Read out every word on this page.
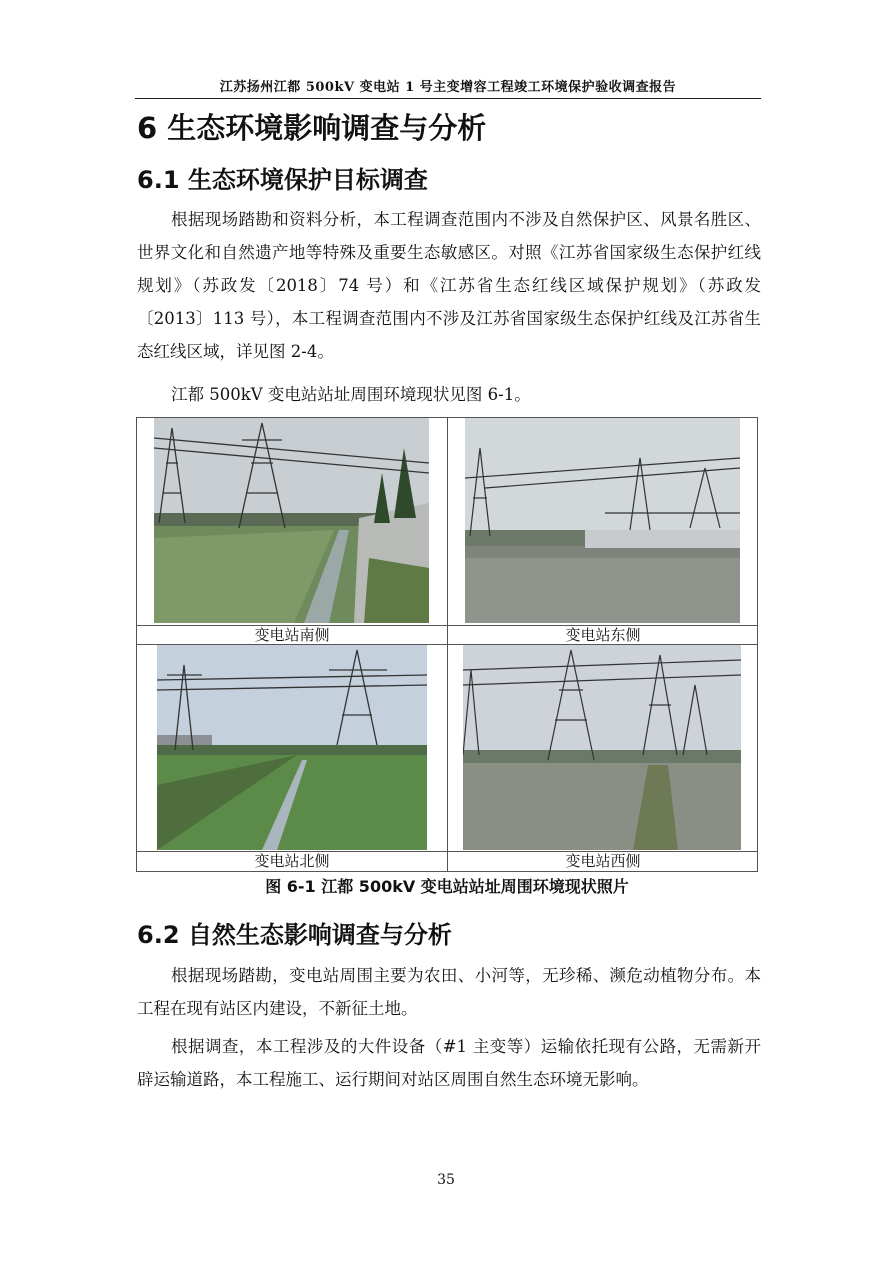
江苏扬州江都 500kV 变电站 1 号主变增容工程竣工环境保护验收调查报告
6 生态环境影响调查与分析
6.1 生态环境保护目标调查

根据现场踏勘和资料分析，本工程调查范围内不涉及自然保护区、风景名胜区、世界文化和自然遗产地等特殊及重要生态敏感区。对照《江苏省国家级生态保护红线规划》（苏政发〔2018〕74 号）和《江苏省生态红线区域保护规划》（苏政发〔2013〕113 号），本工程调查范围内不涉及江苏省国家级生态保护红线及江苏省生态红线区域，详见图 2-4。

江都 500kV 变电站站址周围环境现状见图 6-1。

变电站南侧	变电站东侧
变电站北侧	变电站西侧
图 6-1 江都 500kV 变电站站址周围环境现状照片
6.2 自然生态影响调查与分析

根据现场踏勘，变电站周围主要为农田、小河等，无珍稀、濒危动植物分布。本工程在现有站区内建设，不新征土地。

根据调查，本工程涉及的大件设备（#1 主变等）运输依托现有公路，无需新开辟运输道路，本工程施工、运行期间对站区周围自然生态环境无影响。

35
